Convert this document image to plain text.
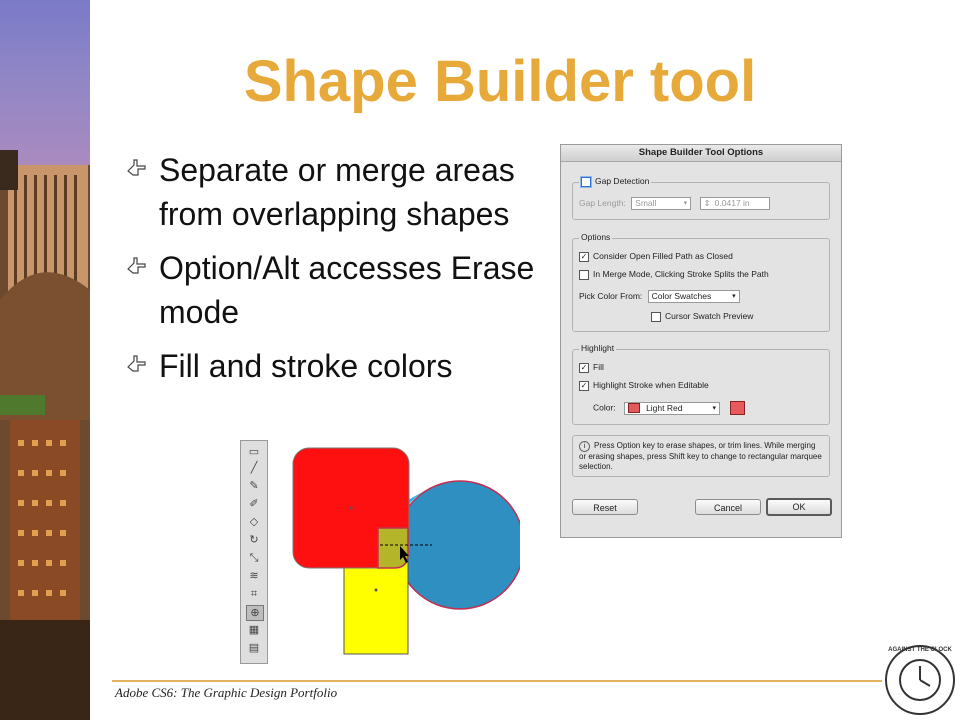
Shape Builder tool
Separate or merge areas from overlapping shapes
Option/Alt accesses Erase mode
Fill and stroke colors
Shape Builder Tool Options
Gap Detection
Gap Length: Small	▾ ⇕ 0.0417 in
Options
✓ Consider Open Filled Path as Closed
In Merge Mode, Clicking Stroke Splits the Path
Pick Color From: Color Swatches	▾
Cursor Swatch Preview
Highlight
✓ Fill
✓ Highlight Stroke when Editable
Color:	Light Red	▾

i Press Option key to erase shapes, or trim lines. While merging or erasing shapes, press Shift key to change to rectangular marquee selection.
Reset	Cancel	OK
▭
╱
✎
✐
◇
↻
⤡
≋
⌗
⊕
▦
▤
Adobe CS6: The Graphic Design Portfolio
AGAINST THE CLOCK
